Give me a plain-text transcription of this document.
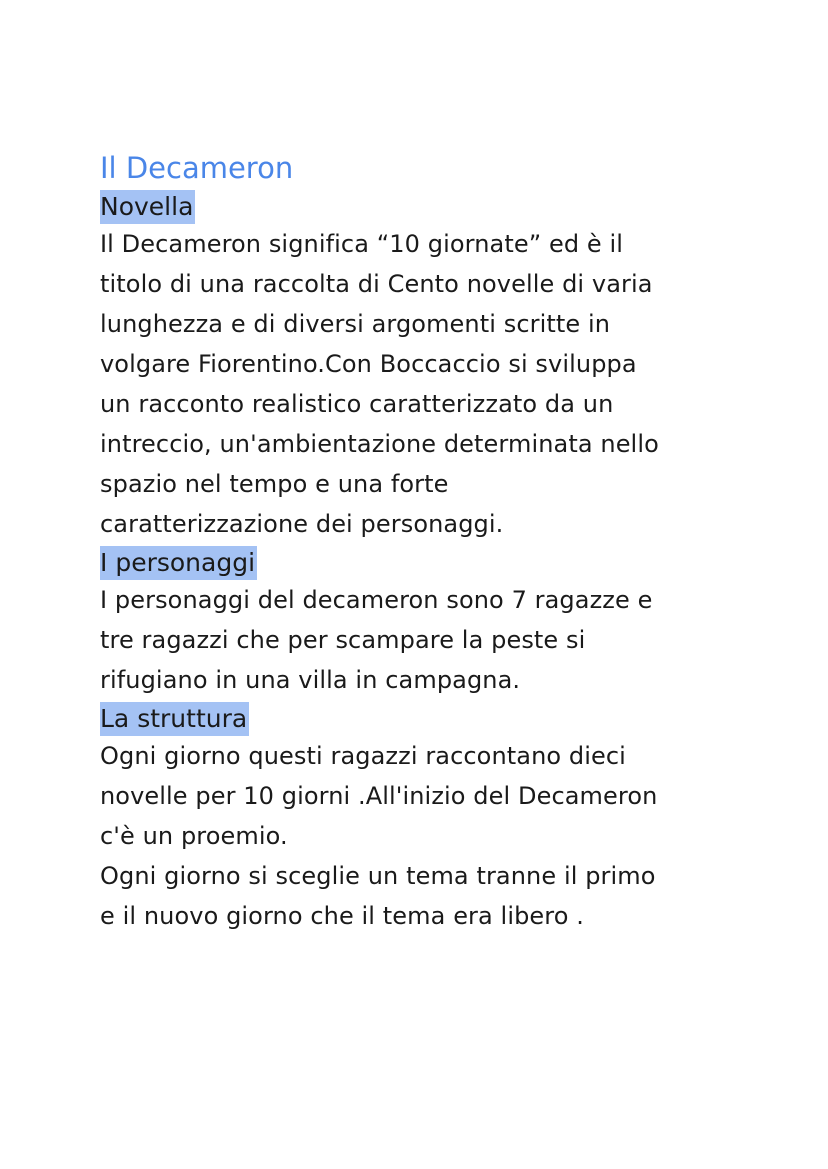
Il Decameron
Novella
Il Decameron significa “10 giornate” ed è il
titolo di una raccolta di Cento novelle di varia
lunghezza e di diversi argomenti scritte in
volgare Fiorentino.Con Boccaccio si sviluppa
un racconto realistico caratterizzato da un
intreccio, un'ambientazione determinata nello
spazio nel tempo e una forte
caratterizzazione dei personaggi.
I personaggi
I personaggi del decameron sono 7 ragazze e
tre ragazzi che per scampare la peste si
rifugiano in una villa in campagna.
La struttura
Ogni giorno questi ragazzi raccontano dieci
novelle per 10 giorni .All'inizio del Decameron
c'è un proemio.
Ogni giorno si sceglie un tema tranne il primo
e il nuovo giorno che il tema era libero .
